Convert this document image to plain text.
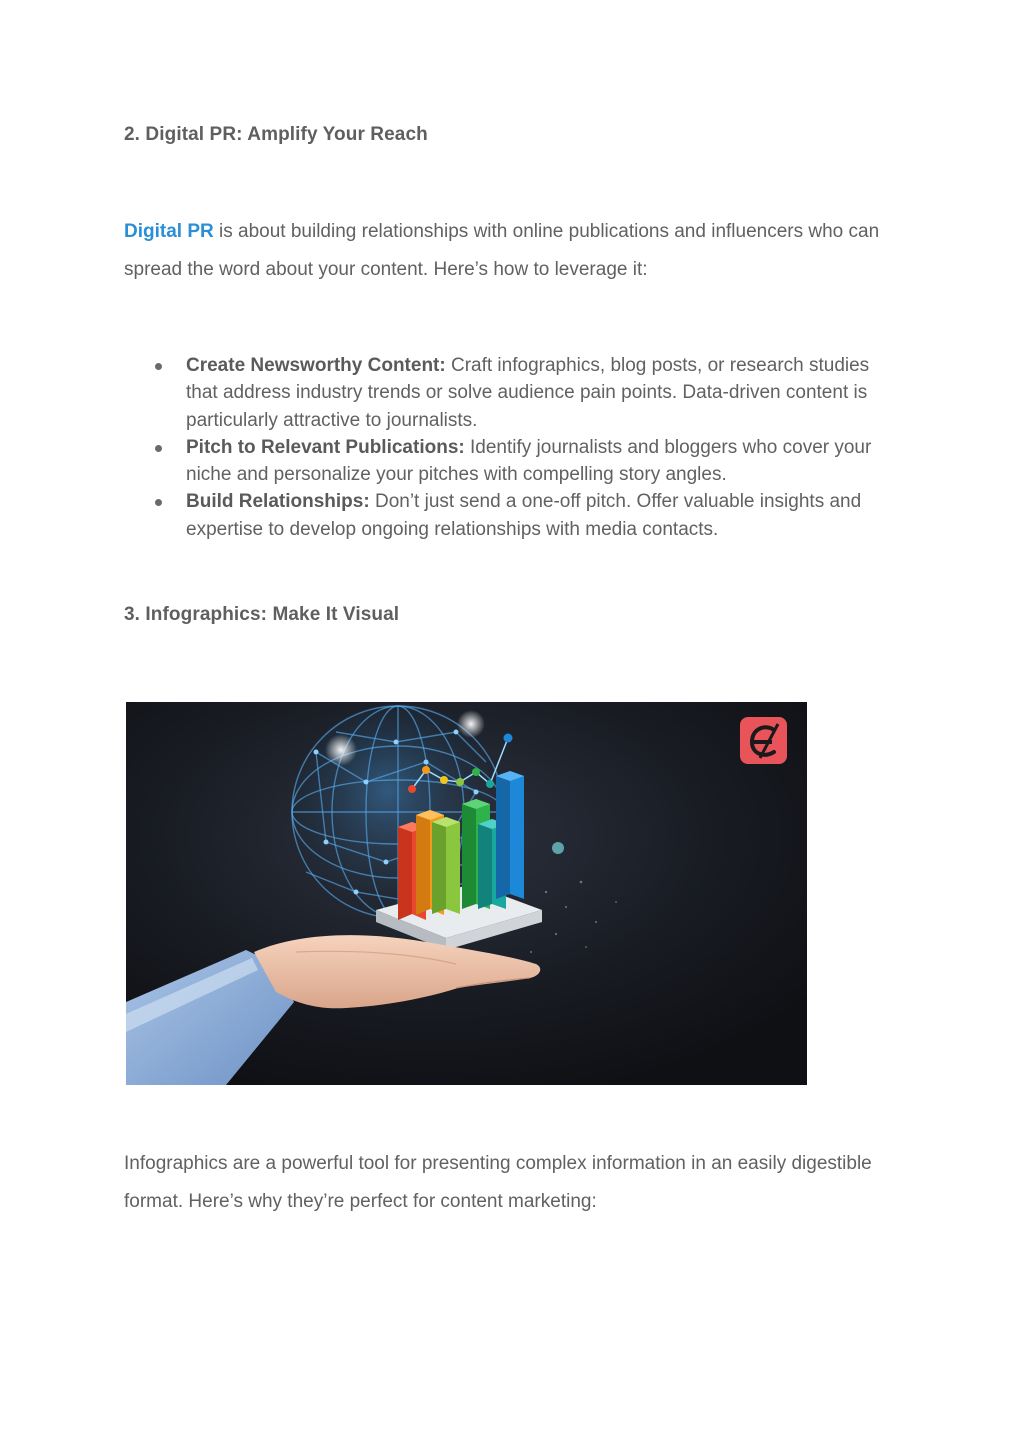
2. Digital PR: Amplify Your Reach

Digital PR is about building relationships with online publications and influencers who can spread the word about your content. Here’s how to leverage it:

Create Newsworthy Content: Craft infographics, blog posts, or research studies that address industry trends or solve audience pain points. Data-driven content is particularly attractive to journalists.
Pitch to Relevant Publications: Identify journalists and bloggers who cover your niche and personalize your pitches with compelling story angles.
Build Relationships: Don’t just send a one-off pitch. Offer valuable insights and expertise to develop ongoing relationships with media contacts.
3. Infographics: Make It Visual

Infographics are a powerful tool for presenting complex information in an easily digestible format. Here’s why they’re perfect for content marketing:
